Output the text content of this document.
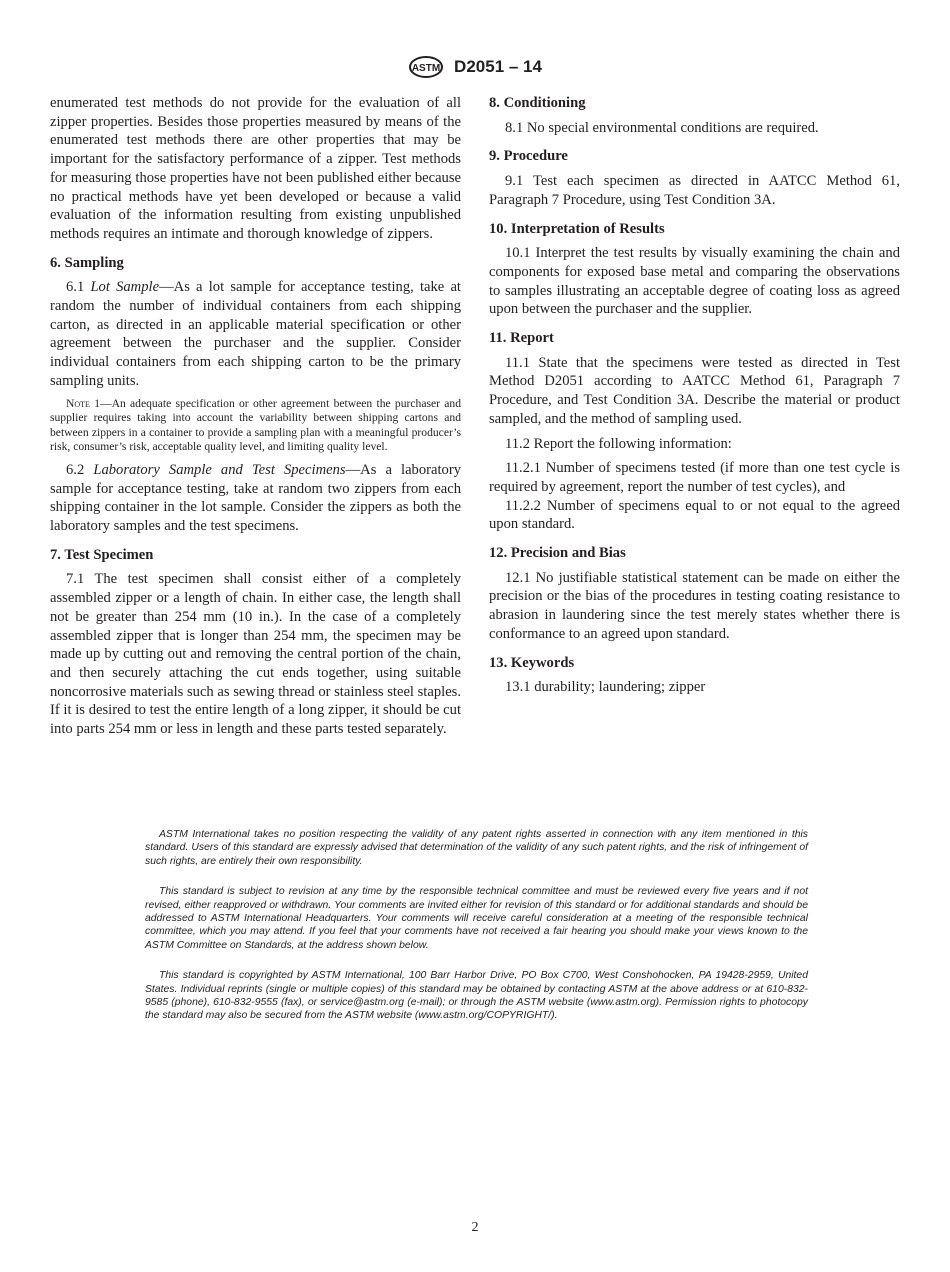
ASTM D2051 – 14

enumerated test methods do not provide for the evaluation of all zipper properties. Besides those properties measured by means of the enumerated test methods there are other properties that may be important for the satisfactory performance of a zipper. Test methods for measuring those properties have not been published either because no practical methods have yet been developed or because a valid evaluation of the information resulting from existing unpublished methods requires an intimate and thorough knowledge of zippers.

6. Sampling

6.1 Lot Sample—As a lot sample for acceptance testing, take at random the number of individual containers from each shipping carton, as directed in an applicable material specification or other agreement between the purchaser and the supplier. Consider individual containers from each shipping carton to be the primary sampling units.

Note 1—An adequate specification or other agreement between the purchaser and supplier requires taking into account the variability between shipping cartons and between zippers in a container to provide a sampling plan with a meaningful producer’s risk, consumer’s risk, acceptable quality level, and limiting quality level.

6.2 Laboratory Sample and Test Specimens—As a laboratory sample for acceptance testing, take at random two zippers from each shipping container in the lot sample. Consider the zippers as both the laboratory samples and the test specimens.

7. Test Specimen

7.1 The test specimen shall consist either of a completely assembled zipper or a length of chain. In either case, the length shall not be greater than 254 mm (10 in.). In the case of a completely assembled zipper that is longer than 254 mm, the specimen may be made up by cutting out and removing the central portion of the chain, and then securely attaching the cut ends together, using suitable noncorrosive materials such as sewing thread or stainless steel staples. If it is desired to test the entire length of a long zipper, it should be cut into parts 254 mm or less in length and these parts tested separately.

8. Conditioning

8.1 No special environmental conditions are required.

9. Procedure

9.1 Test each specimen as directed in AATCC Method 61, Paragraph 7 Procedure, using Test Condition 3A.

10. Interpretation of Results

10.1 Interpret the test results by visually examining the chain and components for exposed base metal and comparing the observations to samples illustrating an acceptable degree of coating loss as agreed upon between the purchaser and the supplier.

11. Report

11.1 State that the specimens were tested as directed in Test Method D2051 according to AATCC Method 61, Paragraph 7 Procedure, and Test Condition 3A. Describe the material or product sampled, and the method of sampling used.

11.2 Report the following information:

11.2.1 Number of specimens tested (if more than one test cycle is required by agreement, report the number of test cycles), and

11.2.2 Number of specimens equal to or not equal to the agreed upon standard.

12. Precision and Bias

12.1 No justifiable statistical statement can be made on either the precision or the bias of the procedures in testing coating resistance to abrasion in laundering since the test merely states whether there is conformance to an agreed upon standard.

13. Keywords

13.1 durability; laundering; zipper

ASTM International takes no position respecting the validity of any patent rights asserted in connection with any item mentioned in this standard. Users of this standard are expressly advised that determination of the validity of any such patent rights, and the risk of infringement of such rights, are entirely their own responsibility.

This standard is subject to revision at any time by the responsible technical committee and must be reviewed every five years and if not revised, either reapproved or withdrawn. Your comments are invited either for revision of this standard or for additional standards and should be addressed to ASTM International Headquarters. Your comments will receive careful consideration at a meeting of the responsible technical committee, which you may attend. If you feel that your comments have not received a fair hearing you should make your views known to the ASTM Committee on Standards, at the address shown below.

This standard is copyrighted by ASTM International, 100 Barr Harbor Drive, PO Box C700, West Conshohocken, PA 19428-2959, United States. Individual reprints (single or multiple copies) of this standard may be obtained by contacting ASTM at the above address or at 610-832-9585 (phone), 610-832-9555 (fax), or service@astm.org (e-mail); or through the ASTM website (www.astm.org). Permission rights to photocopy the standard may also be secured from the ASTM website (www.astm.org/COPYRIGHT/).

2
